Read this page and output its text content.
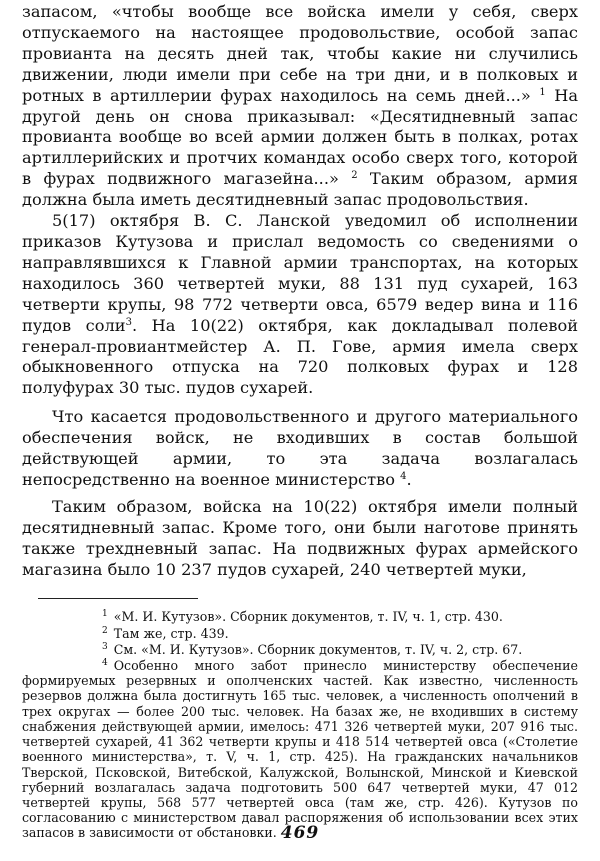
запасом, «чтобы вообще все войска имели у себя, сверх отпускаемого на настоящее продовольствие, особой запас провианта на десять дней так, чтобы какие ни случились движении, люди имели при себе на три дни, и в полковых и ротных в артиллерии фурах находилось на семь дней...» $^1$ На другой день он снова приказывал: «Десятидневный запас провианта вообще во всей армии должен быть в полках, ротах артиллерийских и протчих командах особо сверх того, которой в фурах подвижного магазейна...» $^2$ Таким образом, армия должна была иметь десятидневный запас продовольствия.

5(17) октября В. С. Ланской уведомил об исполнении приказов Кутузова и прислал ведомость со сведениями о направлявшихся к Главной армии транспортах, на которых находилось 360 четвертей муки, 88 131 пуд сухарей, 163 четверти крупы, 98 772 четверти овса, 6579 ведер вина и 116 пудов соли$^3$. На 10(22) октября, как докладывал полевой генерал-провиантмейстер А. П. Гове, армия имела сверх обыкновенного отпуска на 720 полковых фурах и 128 полуфурах 30 тыс. пудов сухарей.

Что касается продовольственного и другого материального обеспечения войск, не входивших в состав большой действующей армии, то эта задача возлагалась непосредственно на военное министерство $^4$.

Таким образом, войска на 10(22) октября имели полный десятидневный запас. Кроме того, они были наготове принять также трехдневный запас. На подвижных фурах армейского магазина было 10 237 пудов сухарей, 240 четвертей муки,

1 «М. И. Кутузов». Сборник документов, т. IV, ч. 1, стр. 430.

2 Там же, стр. 439.

3 См. «М. И. Кутузов». Сборник документов, т. IV, ч. 2, стр. 67.

4 Особенно много забот принесло министерству обеспечение формируемых резервных и ополченских частей. Как известно, численность резервов должна была достигнуть 165 тыс. человек, а численность ополчений в трех округах — более 200 тыс. человек. На базах же, не входивших в систему снабжения действующей армии, имелось: 471 326 четвертей муки, 207 916 тыс. четвертей сухарей, 41 362 четверти крупы и 418 514 четвертей овса («Столетие военного министерства», т. V, ч. 1, стр. 425). На гражданских начальников Тверской, Псковской, Витебской, Калужской, Волынской, Минской и Киевской губерний возлагалась задача подготовить 500 647 четвертей муки, 47 012 четвертей крупы, 568 577 четвертей овса (там же, стр. 426). Кутузов по согласованию с министерством давал распоряжения об использовании всех этих запасов в зависимости от обстановки. 469
